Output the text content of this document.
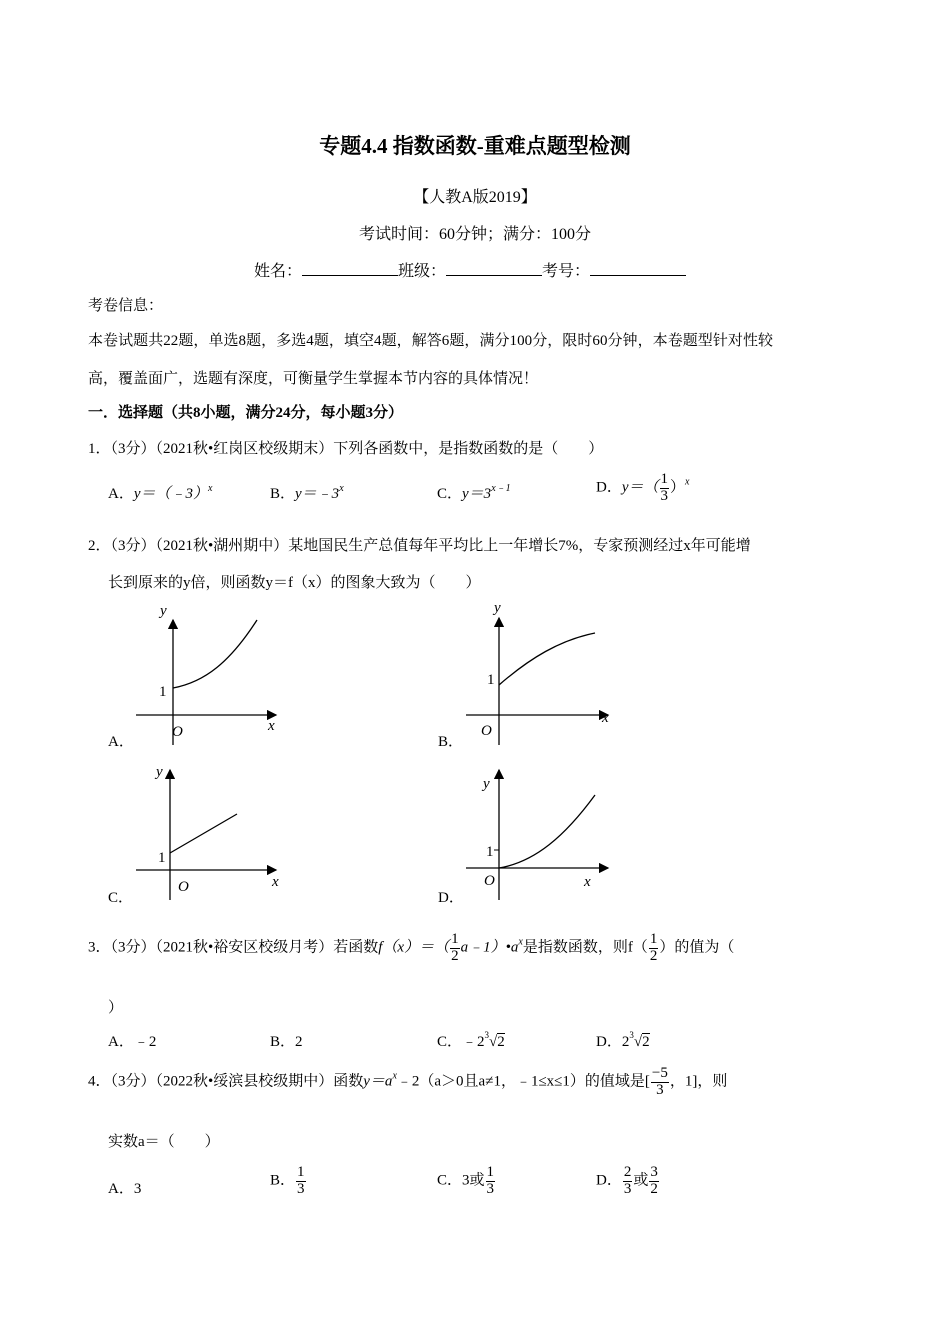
专题4.4 指数函数-重难点题型检测
【人教A版2019】
考试时间：60分钟；满分：100分
姓名：	班级：	考号：
考卷信息：
本卷试题共22题，单选8题，多选4题，填空4题，解答6题，满分100分，限时60分钟，本卷题型针对性较
高，覆盖面广，选题有深度，可衡量学生掌握本节内容的具体情况！
一．选择题（共8小题，满分24分，每小题3分）
1．（3分）（2021秋•红岗区校级期末）下列各函数中，是指数函数的是（　　）
A．y＝（﹣3）$^x$	B．$y=﹣3^x$	C．$y=3^{x﹣1}$	D．$y=( \frac{1}{3} )^x$
2．（3分）（2021秋•湖州期中）某地国民生产总值每年平均比上一年增长7%，专家预测经过x年可能增
长到原来的y倍，则函数y＝f（x）的图象大致为（　　）
1
y
x
O
A．
1
y
x
O
B．
1
y
x
O
C．
1
y
x
O
D．
3．（3分）（2021秋•裕安区校级月考）若函数$f(x)=( \frac{1}{2}$ $a﹣1)•a^x$是指数函数，则$f( \frac{1}{2}$ ）的值为（
）
A．﹣2	B．2	C．$﹣2^3√2$	D．$2^3√2$
4．（3分）（2022秋•绥滨县校级期中）函数$y=a^x﹣2(a>0$且a≠1，﹣1≤x≤1）的值域是[ $\frac{-5}{3}$ ，1]，则
实数a＝（　　）
A．3
B． $\frac{1}{3}$	C．3或 $\frac{1}{3}$	D． $\frac{2}{3}$ 或 $\frac{3}{2}$
